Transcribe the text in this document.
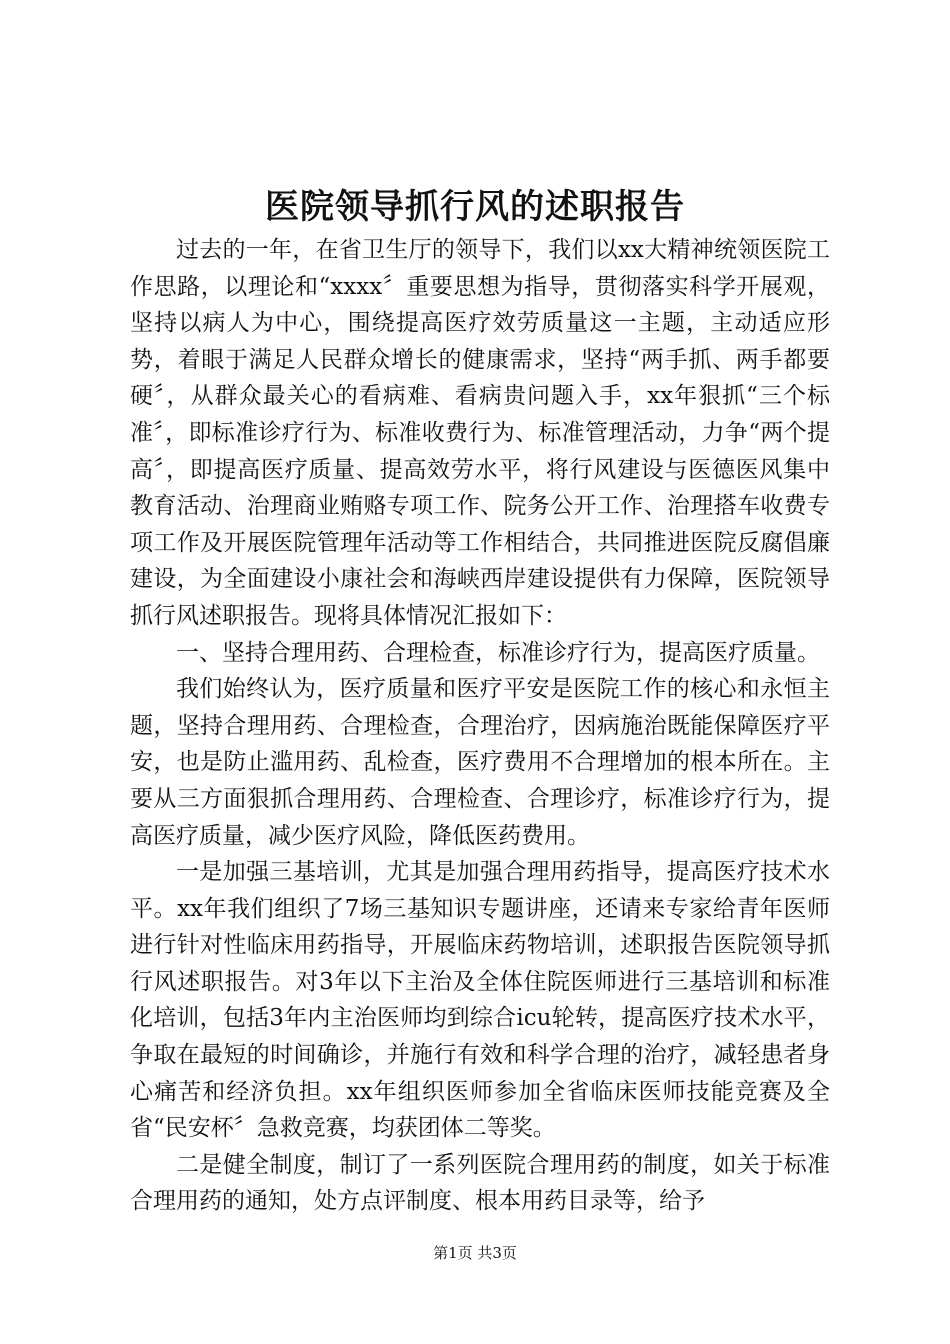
医院领导抓行风的述职报告

过去的一年，在省卫生厅的领导下，我们以xx大精神统领医院工作思路，以理论和“xxxx〞重要思想为指导，贯彻落实科学开展观，坚持以病人为中心，围绕提高医疗效劳质量这一主题，主动适应形势，着眼于满足人民群众增长的健康需求，坚持“两手抓、两手都要硬〞，从群众最关心的看病难、看病贵问题入手，xx年狠抓“三个标准〞，即标准诊疗行为、标准收费行为、标准管理活动，力争“两个提高〞，即提高医疗质量、提高效劳水平，将行风建设与医德医风集中教育活动、治理商业贿赂专项工作、院务公开工作、治理搭车收费专项工作及开展医院管理年活动等工作相结合，共同推进医院反腐倡廉建设，为全面建设小康社会和海峡西岸建设提供有力保障，医院领导抓行风述职报告。现将具体情况汇报如下：

一、坚持合理用药、合理检查，标准诊疗行为，提高医疗质量。

我们始终认为，医疗质量和医疗平安是医院工作的核心和永恒主题，坚持合理用药、合理检查，合理治疗，因病施治既能保障医疗平安，也是防止滥用药、乱检查，医疗费用不合理增加的根本所在。主要从三方面狠抓合理用药、合理检查、合理诊疗，标准诊疗行为，提高医疗质量，减少医疗风险，降低医药费用。

一是加强三基培训，尤其是加强合理用药指导，提高医疗技术水平。xx年我们组织了7场三基知识专题讲座，还请来专家给青年医师进行针对性临床用药指导，开展临床药物培训，述职报告医院领导抓行风述职报告。对3年以下主治及全体住院医师进行三基培训和标准化培训，包括3年内主治医师均到综合icu轮转，提高医疗技术水平，争取在最短的时间确诊，并施行有效和科学合理的治疗，减轻患者身心痛苦和经济负担。xx年组织医师参加全省临床医师技能竞赛及全省“民安杯〞急救竞赛，均获团体二等奖。

二是健全制度，制订了一系列医院合理用药的制度，如关于标准合理用药的通知，处方点评制度、根本用药目录等，给予

第1页 共3页
